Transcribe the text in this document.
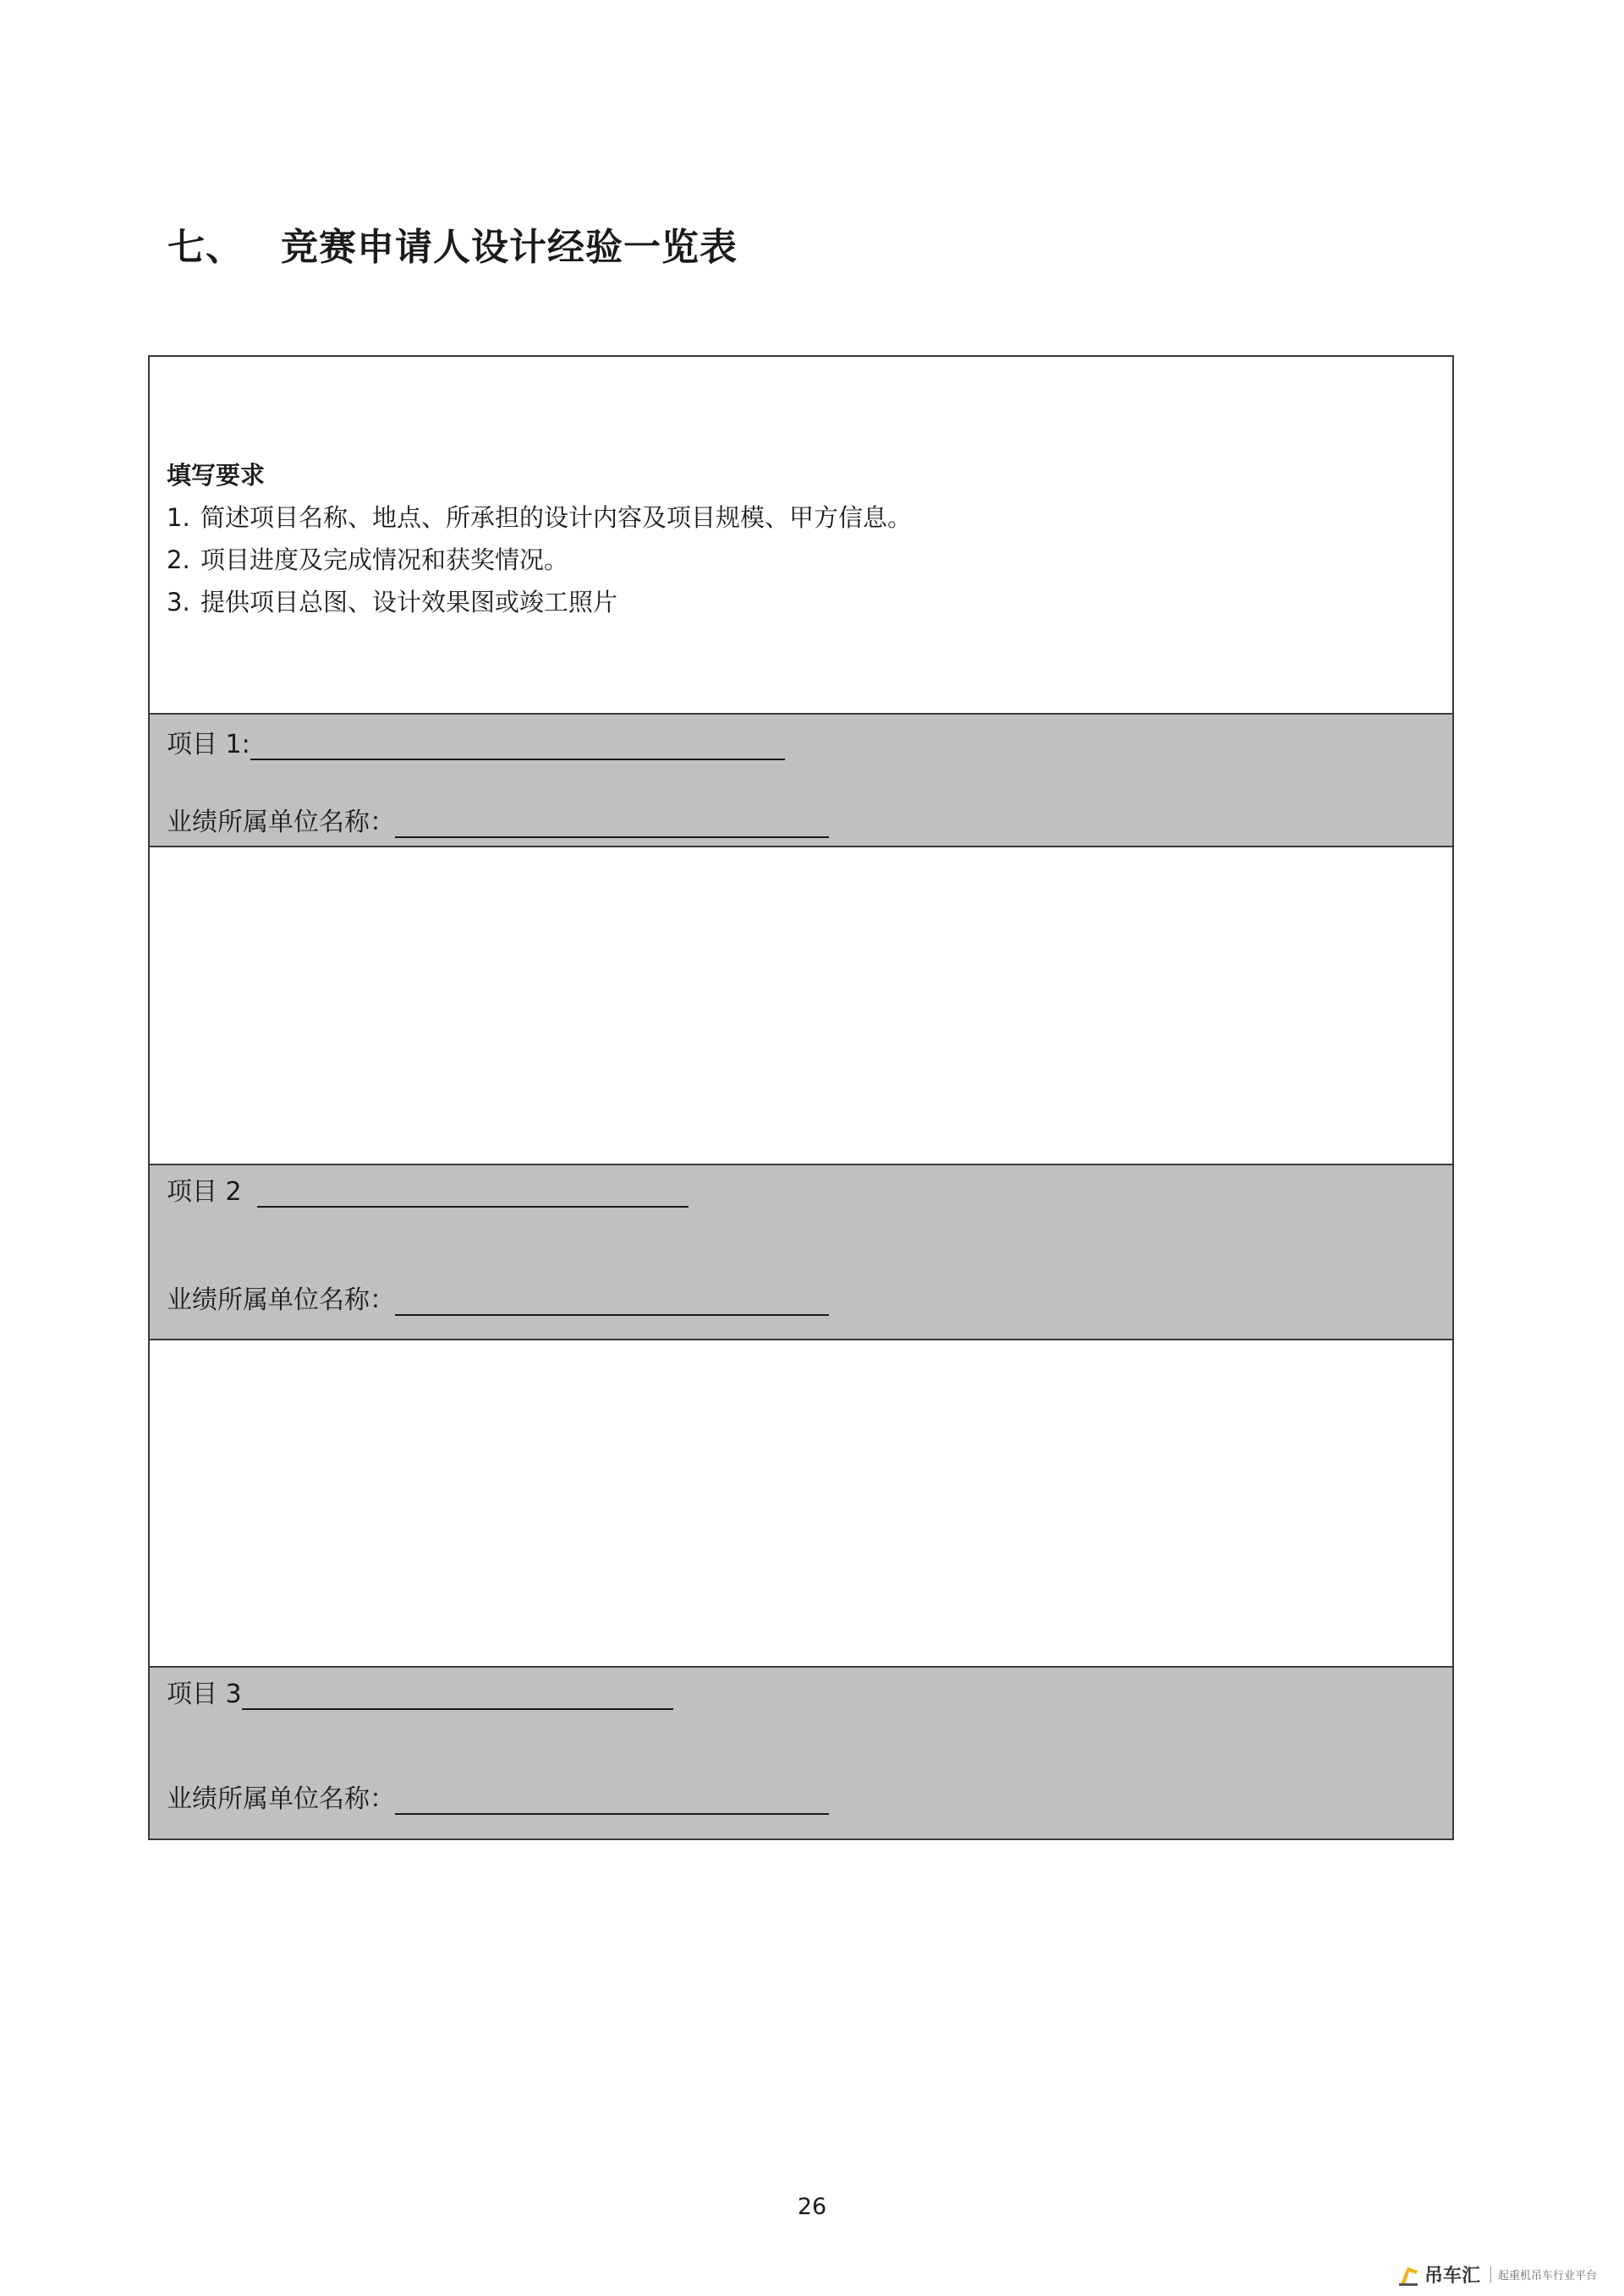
七、 竞赛申请人设计经验一览表
填写要求
1. 简述项目名称、地点、所承担的设计内容及项目规模、甲方信息。
2. 项目进度及完成情况和获奖情况。
3. 提供项目总图、设计效果图或竣工照片
项目 1:
业绩所属单位名称：
项目 2
业绩所属单位名称：
项目 3
业绩所属单位名称：
26
吊车汇	起重机吊车行业平台
